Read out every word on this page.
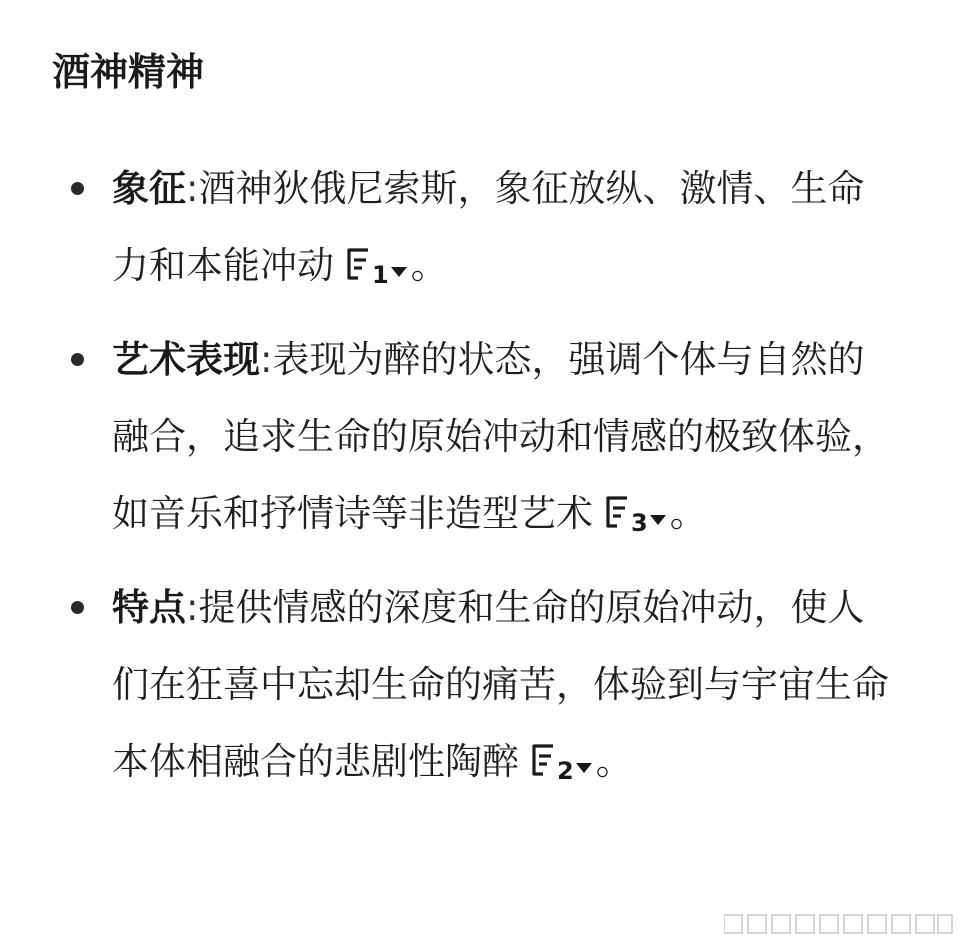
酒神精神
象征:酒神狄俄尼索斯，象征放纵、激情、生命力和本能冲动 1 。
艺术表现:表现为醉的状态，强调个体与自然的融合，追求生命的原始冲动和情感的极致体验，如音乐和抒情诗等非造型艺术 3 。
特点:提供情感的深度和生命的原始冲动，使人们在狂喜中忘却生命的痛苦，体验到与宇宙生命本体相融合的悲剧性陶醉 2 。
